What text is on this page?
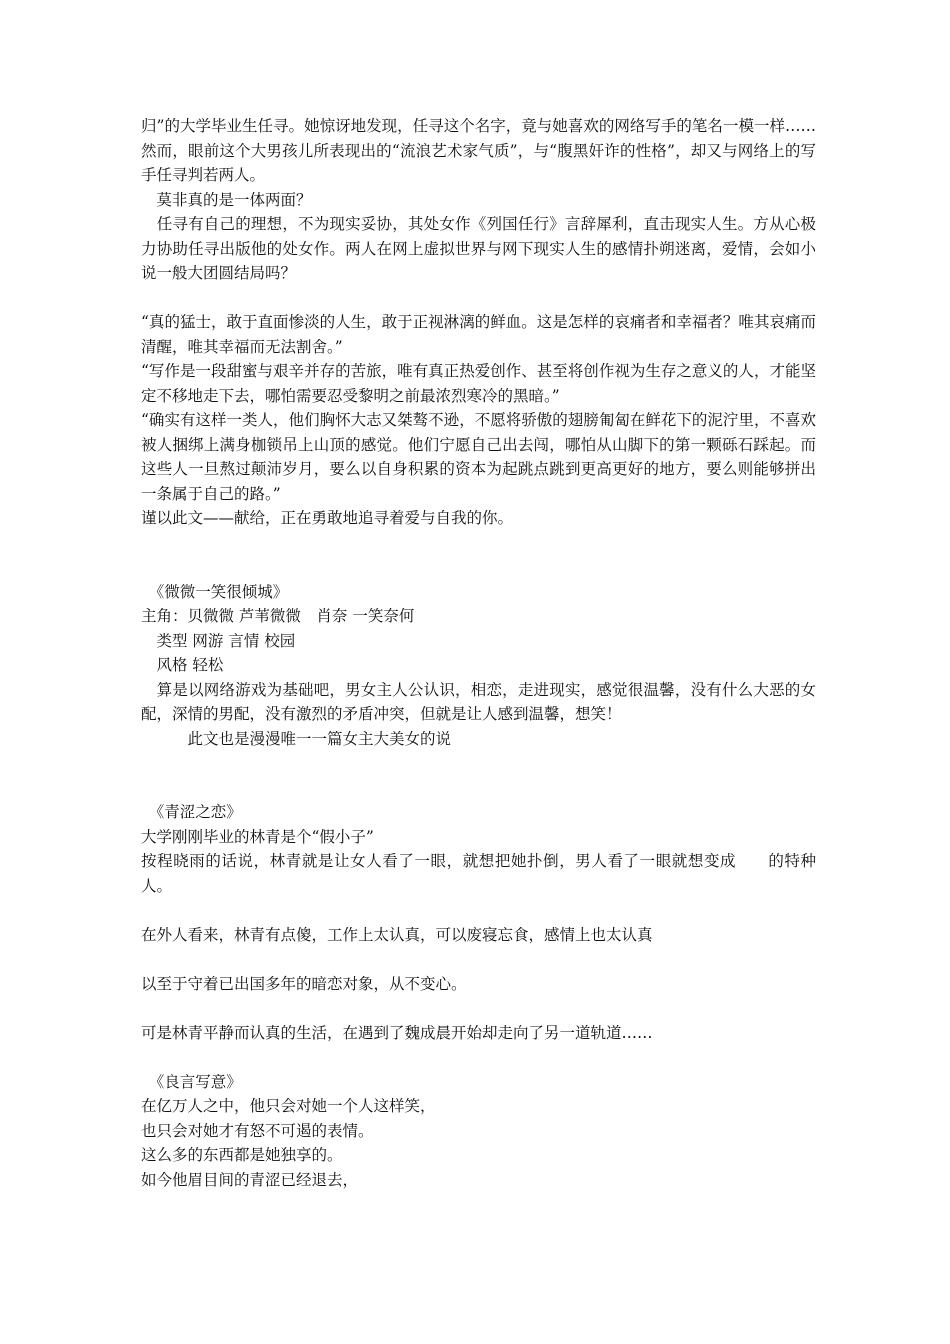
归”的大学毕业生任寻。她惊讶地发现，任寻这个名字，竟与她喜欢的网络写手的笔名一模一样……　然而，眼前这个大男孩儿所表现出的“流浪艺术家气质”，与“腹黑奸诈的性格”，却又与网络上的写手任寻判若两人。
　莫非真的是一体两面？
　任寻有自己的理想，不为现实妥协，其处女作《列国任行》言辞犀利，直击现实人生。方从心极力协助任寻出版他的处女作。两人在网上虚拟世界与网下现实人生的感情扑朔迷离，爱情，会如小说一般大团圆结局吗？
“真的猛士，敢于直面惨淡的人生，敢于正视淋漓的鲜血。这是怎样的哀痛者和幸福者？唯其哀痛而清醒，唯其幸福而无法割舍。”
“写作是一段甜蜜与艰辛并存的苦旅，唯有真正热爱创作、甚至将创作视为生存之意义的人，才能坚定不移地走下去，哪怕需要忍受黎明之前最浓烈寒冷的黑暗。”
“确实有这样一类人，他们胸怀大志又桀骜不逊，不愿将骄傲的翅膀匍匐在鲜花下的泥泞里，不喜欢被人捆绑上满身枷锁吊上山顶的感觉。他们宁愿自己出去闯，哪怕从山脚下的第一颗砾石踩起。而这些人一旦熬过颠沛岁月，要么以自身积累的资本为起跳点跳到更高更好的地方，要么则能够拼出一条属于自己的路。”
谨以此文——献给，正在勇敢地追寻着爱与自我的你。
　《微微一笑很倾城》
主角：贝微微 芦苇微微　肖奈 一笑奈何
　类型 网游 言情 校园
　风格 轻松
　算是以网络游戏为基础吧，男女主人公认识，相恋，走进现实，感觉很温馨，没有什么大恶的女配，深情的男配，没有激烈的矛盾冲突，但就是让人感到温馨，想笑！
　　　此文也是漫漫唯一一篇女主大美女的说
　《青涩之恋》
大学刚刚毕业的林青是个“假小子”
按程晓雨的话说，林青就是让女人看了一眼，就想把她扑倒，男人看了一眼就想变成　　的特种人。
在外人看来，林青有点傻，工作上太认真，可以废寝忘食，感情上也太认真
以至于守着已出国多年的暗恋对象，从不变心。
可是林青平静而认真的生活，在遇到了魏成晨开始却走向了另一道轨道……
　《良言写意》
在亿万人之中，他只会对她一个人这样笑，
也只会对她才有怒不可遏的表情。
这么多的东西都是她独享的。
如今他眉目间的青涩已经退去，
